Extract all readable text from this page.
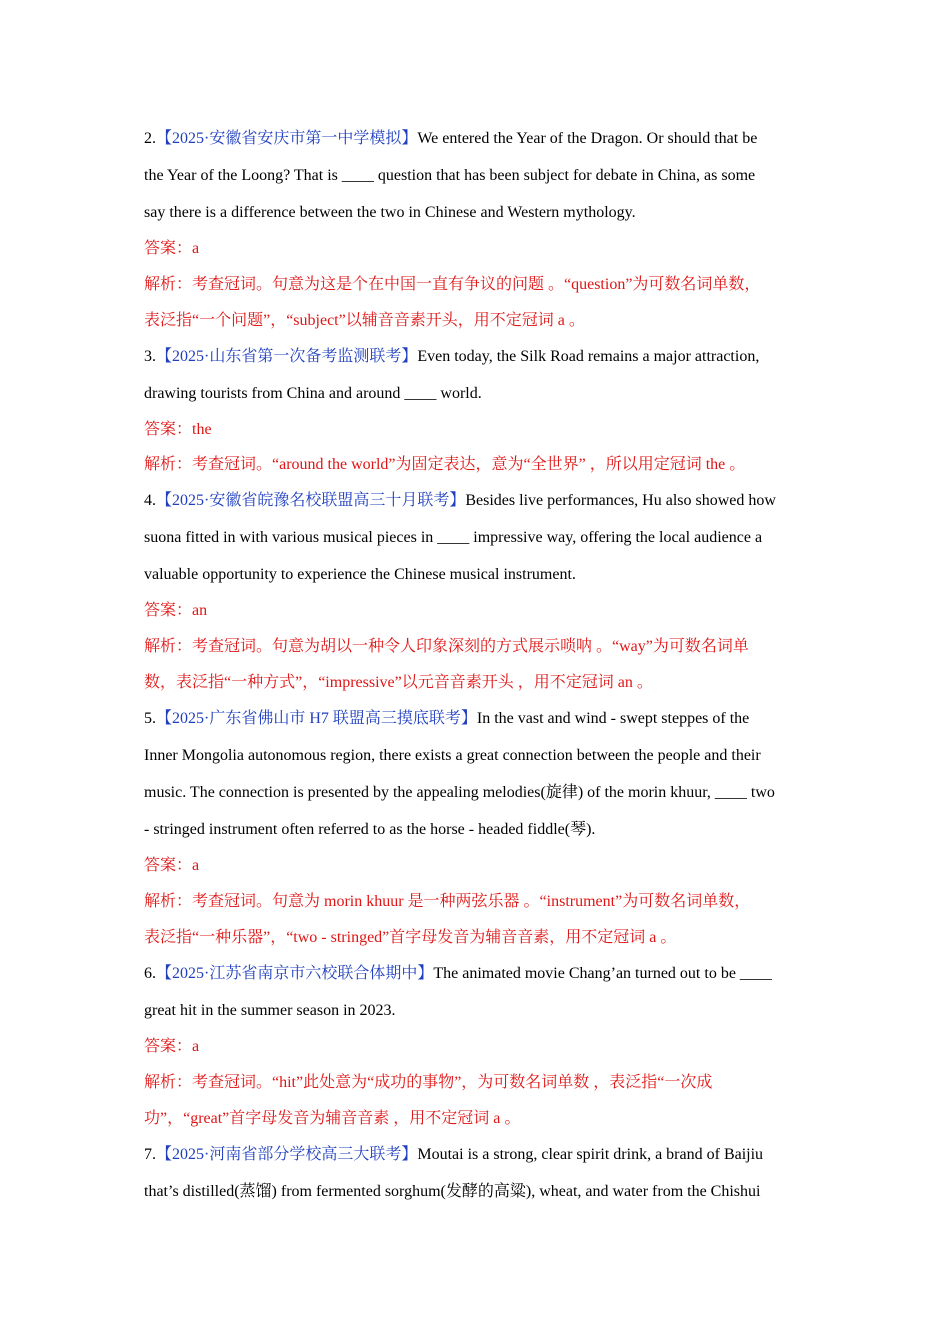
2.【2025·安徽省安庆市第一中学模拟】We entered the Year of the Dragon. Or should that be
the Year of the Loong? That is ____ question that has been subject for debate in China, as some
say there is a difference between the two in Chinese and Western mythology.
答案：a
解析：考查冠词。句意为这是个在中国一直有争议的问题 。“question”为可数名词单数，
表泛指“一个问题”，“subject”以辅音音素开头，用不定冠词 a 。
3.【2025·山东省第一次备考监测联考】Even today, the Silk Road remains a major attraction,
drawing tourists from China and around ____ world.
答案：the
解析：考查冠词。“around the world”为固定表达，意为“全世界” ，所以用定冠词 the 。
4.【2025·安徽省皖豫名校联盟高三十月联考】Besides live performances, Hu also showed how
suona fitted in with various musical pieces in ____ impressive way, offering the local audience a
valuable opportunity to experience the Chinese musical instrument.
答案：an
解析：考查冠词。句意为胡以一种令人印象深刻的方式展示唢呐 。“way”为可数名词单
数，表泛指“一种方式”，“impressive”以元音音素开头 ，用不定冠词 an 。
5.【2025·广东省佛山市 H7 联盟高三摸底联考】In the vast and wind - swept steppes of the
Inner Mongolia autonomous region, there exists a great connection between the people and their
music. The connection is presented by the appealing melodies(旋律) of the morin khuur, ____ two
- stringed instrument often referred to as the horse - headed fiddle(琴).
答案：a
解析：考查冠词。句意为 morin khuur 是一种两弦乐器 。“instrument”为可数名词单数，
表泛指“一种乐器”，“two - stringed”首字母发音为辅音音素，用不定冠词 a 。
6.【2025·江苏省南京市六校联合体期中】The animated movie Chang’an turned out to be ____
great hit in the summer season in 2023.
答案：a
解析：考查冠词。“hit”此处意为“成功的事物”，为可数名词单数 ，表泛指“一次成
功”，“great”首字母发音为辅音音素 ，用不定冠词 a 。
7.【2025·河南省部分学校高三大联考】Moutai is a strong, clear spirit drink, a brand of Baijiu
that’s distilled(蒸馏) from fermented sorghum(发酵的高粱), wheat, and water from the Chishui
